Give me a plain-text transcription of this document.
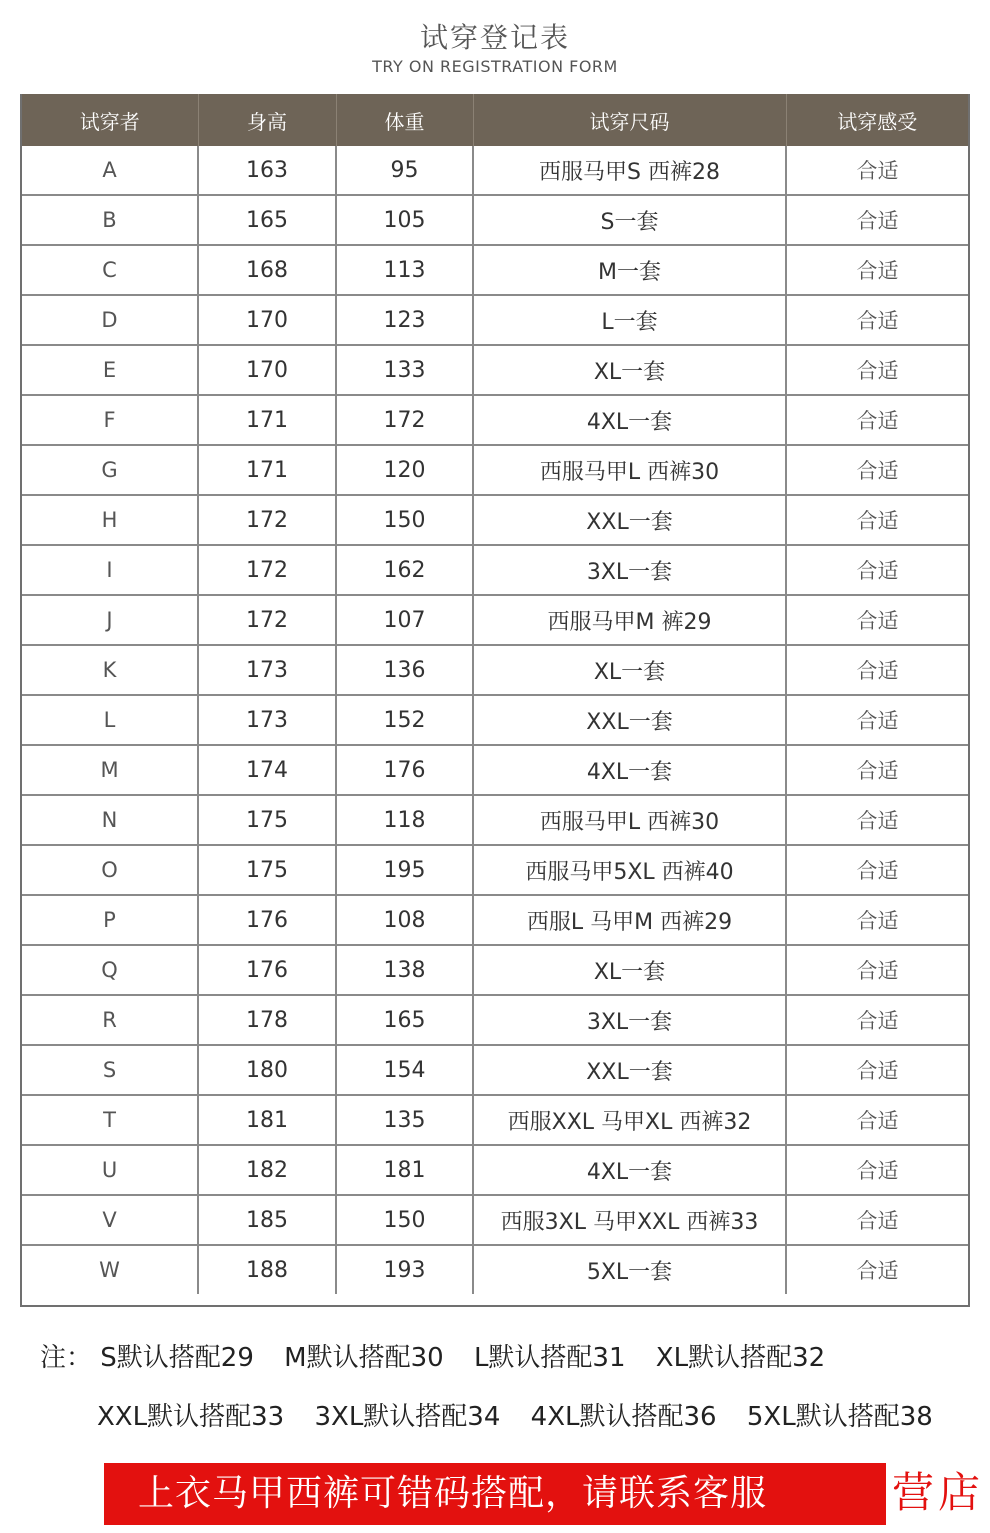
试穿登记表
TRY ON REGISTRATION FORM
试穿者	身高	体重	试穿尺码	试穿感受
A	163	95	西服马甲S 西裤28	合适
B	165	105	S一套	合适
C	168	113	M一套	合适
D	170	123	L一套	合适
E	170	133	XL一套	合适
F	171	172	4XL一套	合适
G	171	120	西服马甲L 西裤30	合适
H	172	150	XXL一套	合适
I	172	162	3XL一套	合适
J	172	107	西服马甲M 裤29	合适
K	173	136	XL一套	合适
L	173	152	XXL一套	合适
M	174	176	4XL一套	合适
N	175	118	西服马甲L 西裤30	合适
O	175	195	西服马甲5XL 西裤40	合适
P	176	108	西服L 马甲M 西裤29	合适
Q	176	138	XL一套	合适
R	178	165	3XL一套	合适
S	180	154	XXL一套	合适
T	181	135	西服XXL 马甲XL 西裤32	合适
U	182	181	4XL一套	合适
V	185	150	西服3XL 马甲XXL 西裤33	合适
W	188	193	5XL一套	合适
注： S默认搭配29 M默认搭配30 L默认搭配31 XL默认搭配32
XXL默认搭配33 3XL默认搭配34 4XL默认搭配36 5XL默认搭配38
上衣马甲西裤可错码搭配，请联系客服	营店
